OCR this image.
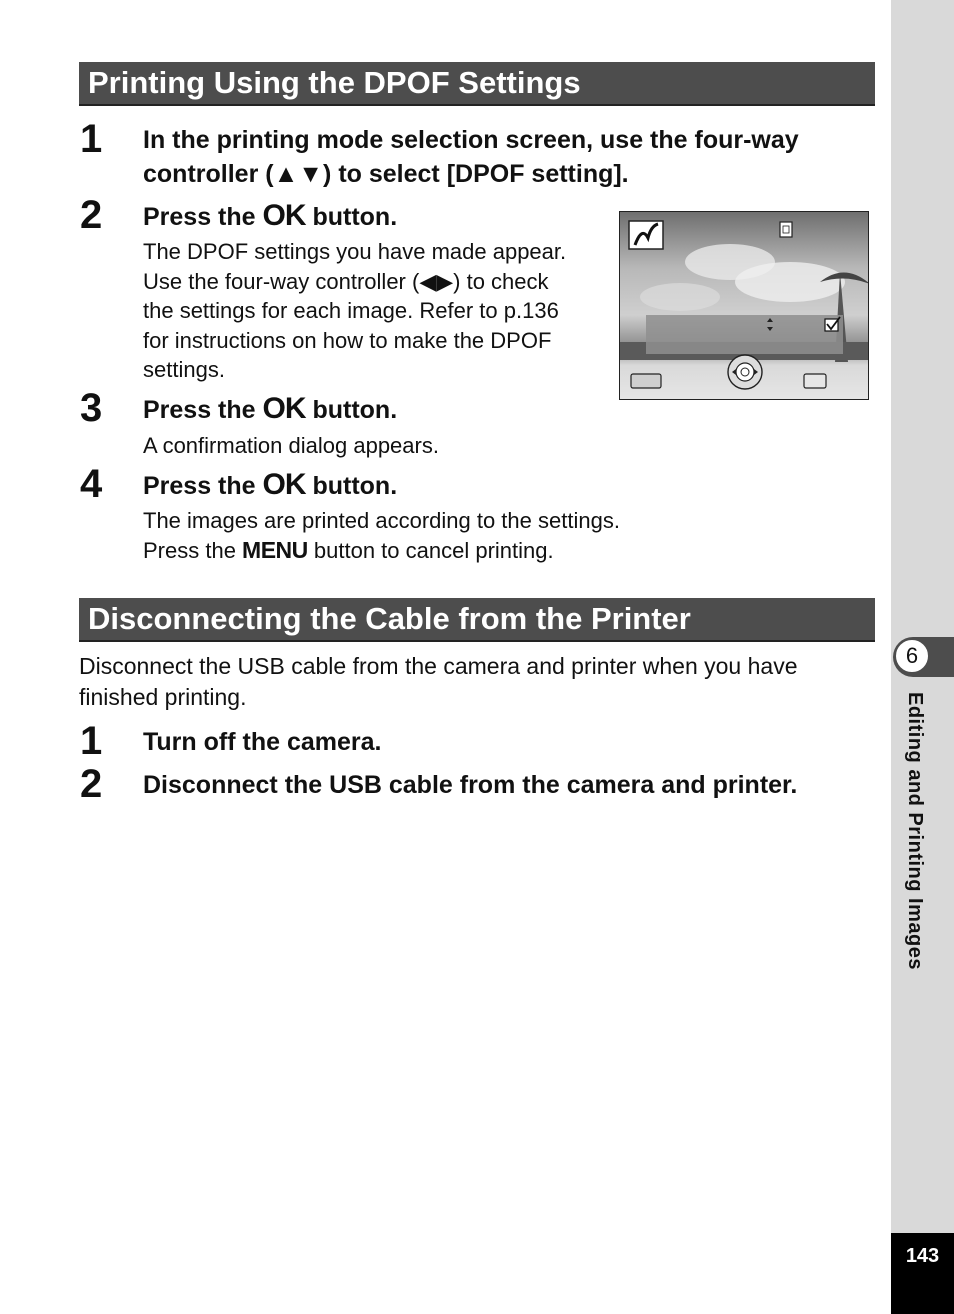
6
Editing and Printing Images
143
Printing Using the DPOF Settings
1 In the printing mode selection screen, use the four-way
controller (▲▼) to select [DPOF setting].
2 Press the OK button.
The DPOF settings you have made appear.
Use the four-way controller (◀▶) to check
the settings for each image. Refer to p.136
for instructions on how to make the DPOF
settings.
3 Press the OK button.
A confirmation dialog appears.
4 Press the OK button.
The images are printed according to the settings.
Press the MENU button to cancel printing.
Disconnecting the Cable from the Printer
Disconnect the USB cable from the camera and printer when you have finished printing.
1 Turn off the camera.
2 Disconnect the USB cable from the camera and printer.
